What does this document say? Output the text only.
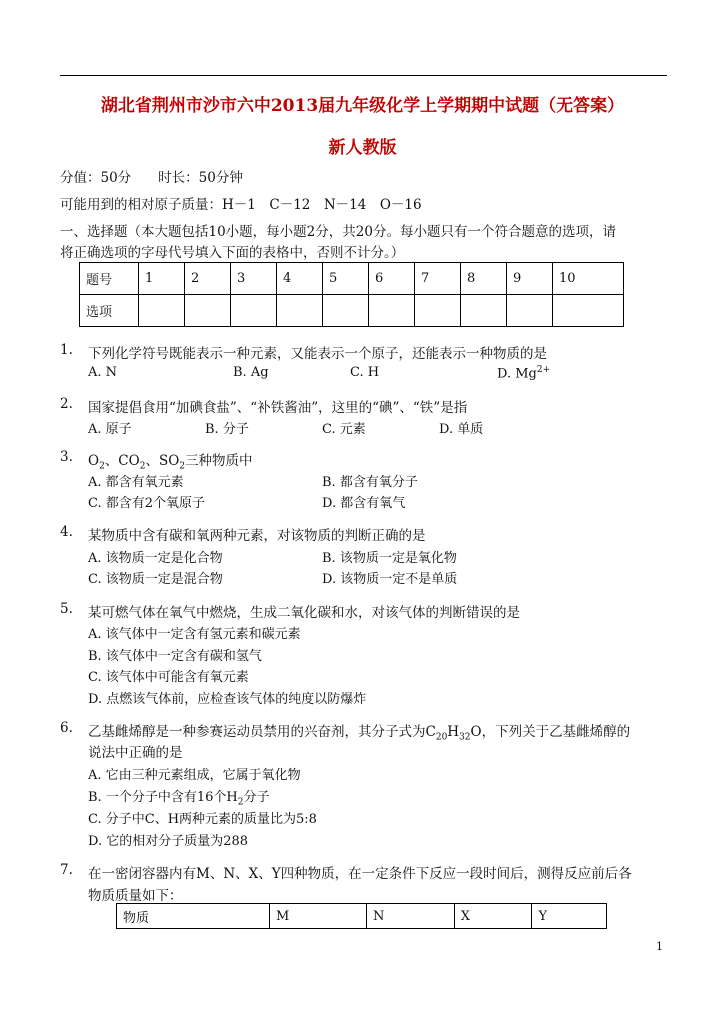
湖北省荆州市沙市六中2013届九年级化学上学期期中试题（无答案）
新人教版
分值：50分　　时长：50分钟
可能用到的相对原子质量：H－1　C－12　N－14　O－16
一、选择题（本大题包括10小题，每小题2分，共20分。每小题只有一个符合题意的选项，请
将正确选项的字母代号填入下面的表格中，否则不计分。）
题号	1	2	3	4	5	6	7	8	9	10
选项										
1. 下列化学符号既能表示一种元素，又能表示一个原子，还能表示一种物质的是
A. N	B. Ag	C. H	D. $Mg^{2+}$
2. 国家提倡食用“加碘食盐”、“补铁酱油”，这里的“碘”、“铁”是指
A. 原子	B. 分子	C. 元素	D. 单质
3. $O_2$、$CO_2$、$SO_2$三种物质中
A. 都含有氧元素	B. 都含有氧分子
C. 都含有2个氧原子	D. 都含有氧气
4. 某物质中含有碳和氧两种元素，对该物质的判断正确的是
A. 该物质一定是化合物	B. 该物质一定是氧化物
C. 该物质一定是混合物	D. 该物质一定不是单质
5. 某可燃气体在氧气中燃烧，生成二氧化碳和水，对该气体的判断错误的是
A. 该气体中一定含有氢元素和碳元素
B. 该气体中一定含有碳和氢气
C. 该气体中可能含有氧元素
D. 点燃该气体前，应检查该气体的纯度以防爆炸
6. 乙基雌烯醇是一种参赛运动员禁用的兴奋剂，其分子式为$C_{20}H_{32}O$，下列关于乙基雌烯醇的
说法中正确的是
A. 它由三种元素组成，它属于氧化物
B. 一个分子中含有16个$H_2$分子
C. 分子中C、H两种元素的质量比为5:8
D. 它的相对分子质量为288
7. 在一密闭容器内有M、N、X、Y四种物质，在一定条件下反应一段时间后，测得反应前后各
物质质量如下：
物质	M	N	X	Y
1
